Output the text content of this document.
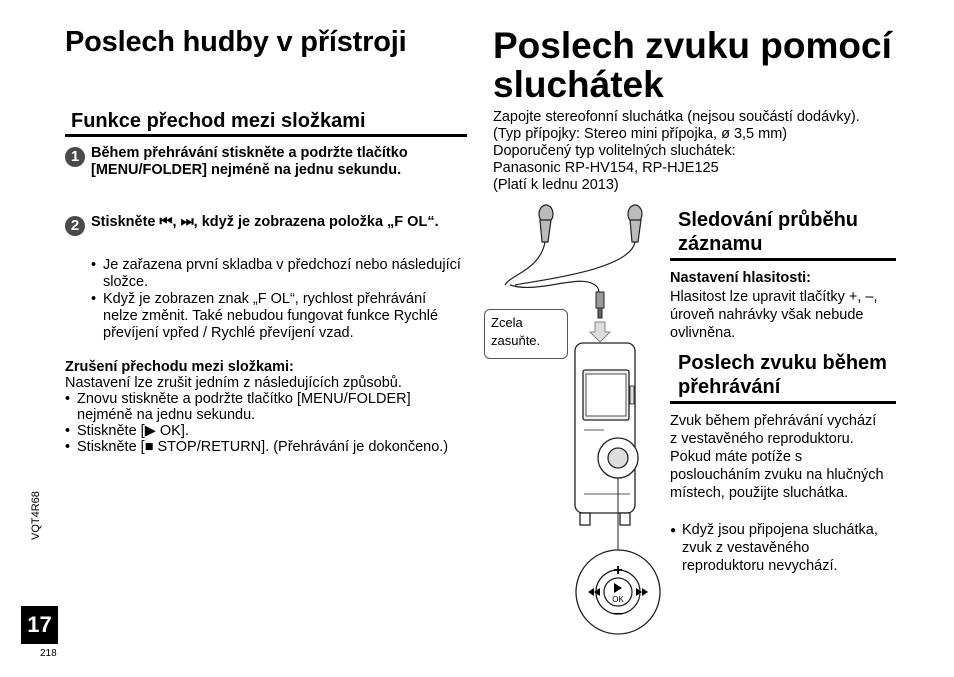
Poslech hudby v přístroji
Funkce přechod mezi složkami
1 Během přehrávání stiskněte a podržte tlačítko [MENU/FOLDER] nejméně na jednu sekundu.
2 Stiskněte ⏮, ⏭, když je zobrazena položka „F OL“.
• Je zařazena první skladba v předchozí nebo následující složce.
• Když je zobrazen znak „F OL“, rychlost přehrávání nelze změnit. Také nebudou fungovat funkce Rychlé převíjení vpřed / Rychlé převíjení vzad.
Zrušení přechodu mezi složkami:
Nastavení lze zrušit jedním z následujících způsobů.
• Znovu stiskněte a podržte tlačítko [MENU/FOLDER] nejméně na jednu sekundu.
• Stiskněte [▶ OK].
• Stiskněte [■ STOP/RETURN]. (Přehrávání je dokončeno.)
Poslech zvuku pomocí sluchátek
Zapojte stereofonní sluchátka (nejsou součástí dodávky).
(Typ přípojky: Stereo mini přípojka, ø 3,5 mm)
Doporučený typ volitelných sluchátek:
Panasonic RP-HV154, RP-HJE125
(Platí k lednu 2013)
+
–
OK
Zcela zasuňte.
Sledování průběhu záznamu
Nastavení hlasitosti:
Hlasitost lze upravit tlačítky +, –, úroveň nahrávky však nebude ovlivněna.
Poslech zvuku během přehrávání
Zvuk během přehrávání vychází z vestavěného reproduktoru. Pokud máte potíže s posloucháním zvuku na hlučných místech, použijte sluchátka.
● Když jsou připojena sluchátka, zvuk z vestavěného reproduktoru nevychází.
VQT4R68
17
218
